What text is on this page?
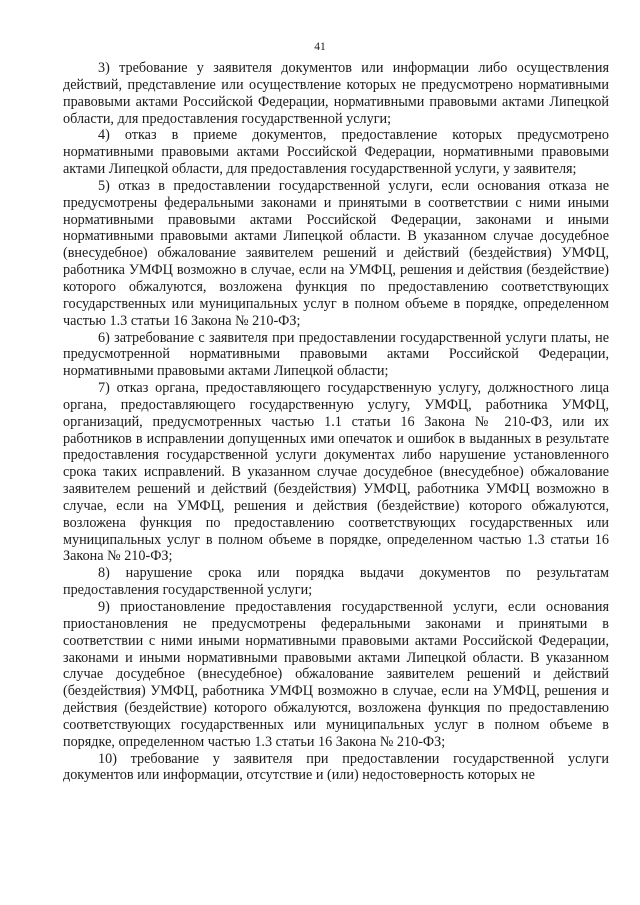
41

3) требование у заявителя документов или информации либо осуществления действий, представление или осуществление которых не предусмотрено нормативными правовыми актами Российской Федерации, нормативными правовыми актами Липецкой области, для предоставления государственной услуги;

4) отказ в приеме документов, предоставление которых предусмотрено нормативными правовыми актами Российской Федерации, нормативными правовыми актами Липецкой области, для предоставления государственной услуги, у заявителя;

5) отказ в предоставлении государственной услуги, если основания отказа не предусмотрены федеральными законами и принятыми в соответствии с ними иными нормативными правовыми актами Российской Федерации, законами и иными нормативными правовыми актами Липецкой области. В указанном случае досудебное (внесудебное) обжалование заявителем решений и действий (бездействия) УМФЦ, работника УМФЦ возможно в случае, если на УМФЦ, решения и действия (бездействие) которого обжалуются, возложена функция по предоставлению соответствующих государственных или муниципальных услуг в полном объеме в порядке, определенном частью 1.3 статьи 16 Закона № 210-ФЗ;

6) затребование с заявителя при предоставлении государственной услуги платы, не предусмотренной нормативными правовыми актами Российской Федерации, нормативными правовыми актами Липецкой области;

7) отказ органа, предоставляющего государственную услугу, должностного лица органа, предоставляющего государственную услугу, УМФЦ, работника УМФЦ, организаций, предусмотренных частью 1.1 статьи 16 Закона № 210-ФЗ, или их работников в исправлении допущенных ими опечаток и ошибок в выданных в результате предоставления государственной услуги документах либо нарушение установленного срока таких исправлений. В указанном случае досудебное (внесудебное) обжалование заявителем решений и действий (бездействия) УМФЦ, работника УМФЦ возможно в случае, если на УМФЦ, решения и действия (бездействие) которого обжалуются, возложена функция по предоставлению соответствующих государственных или муниципальных услуг в полном объеме в порядке, определенном частью 1.3 статьи 16 Закона № 210-ФЗ;

8) нарушение срока или порядка выдачи документов по результатам предоставления государственной услуги;

9) приостановление предоставления государственной услуги, если основания приостановления не предусмотрены федеральными законами и принятыми в соответствии с ними иными нормативными правовыми актами Российской Федерации, законами и иными нормативными правовыми актами Липецкой области. В указанном случае досудебное (внесудебное) обжалование заявителем решений и действий (бездействия) УМФЦ, работника УМФЦ возможно в случае, если на УМФЦ, решения и действия (бездействие) которого обжалуются, возложена функция по предоставлению соответствующих государственных или муниципальных услуг в полном объеме в порядке, определенном частью 1.3 статьи 16 Закона № 210-ФЗ;

10) требование у заявителя при предоставлении государственной услуги документов или информации, отсутствие и (или) недостоверность которых не
